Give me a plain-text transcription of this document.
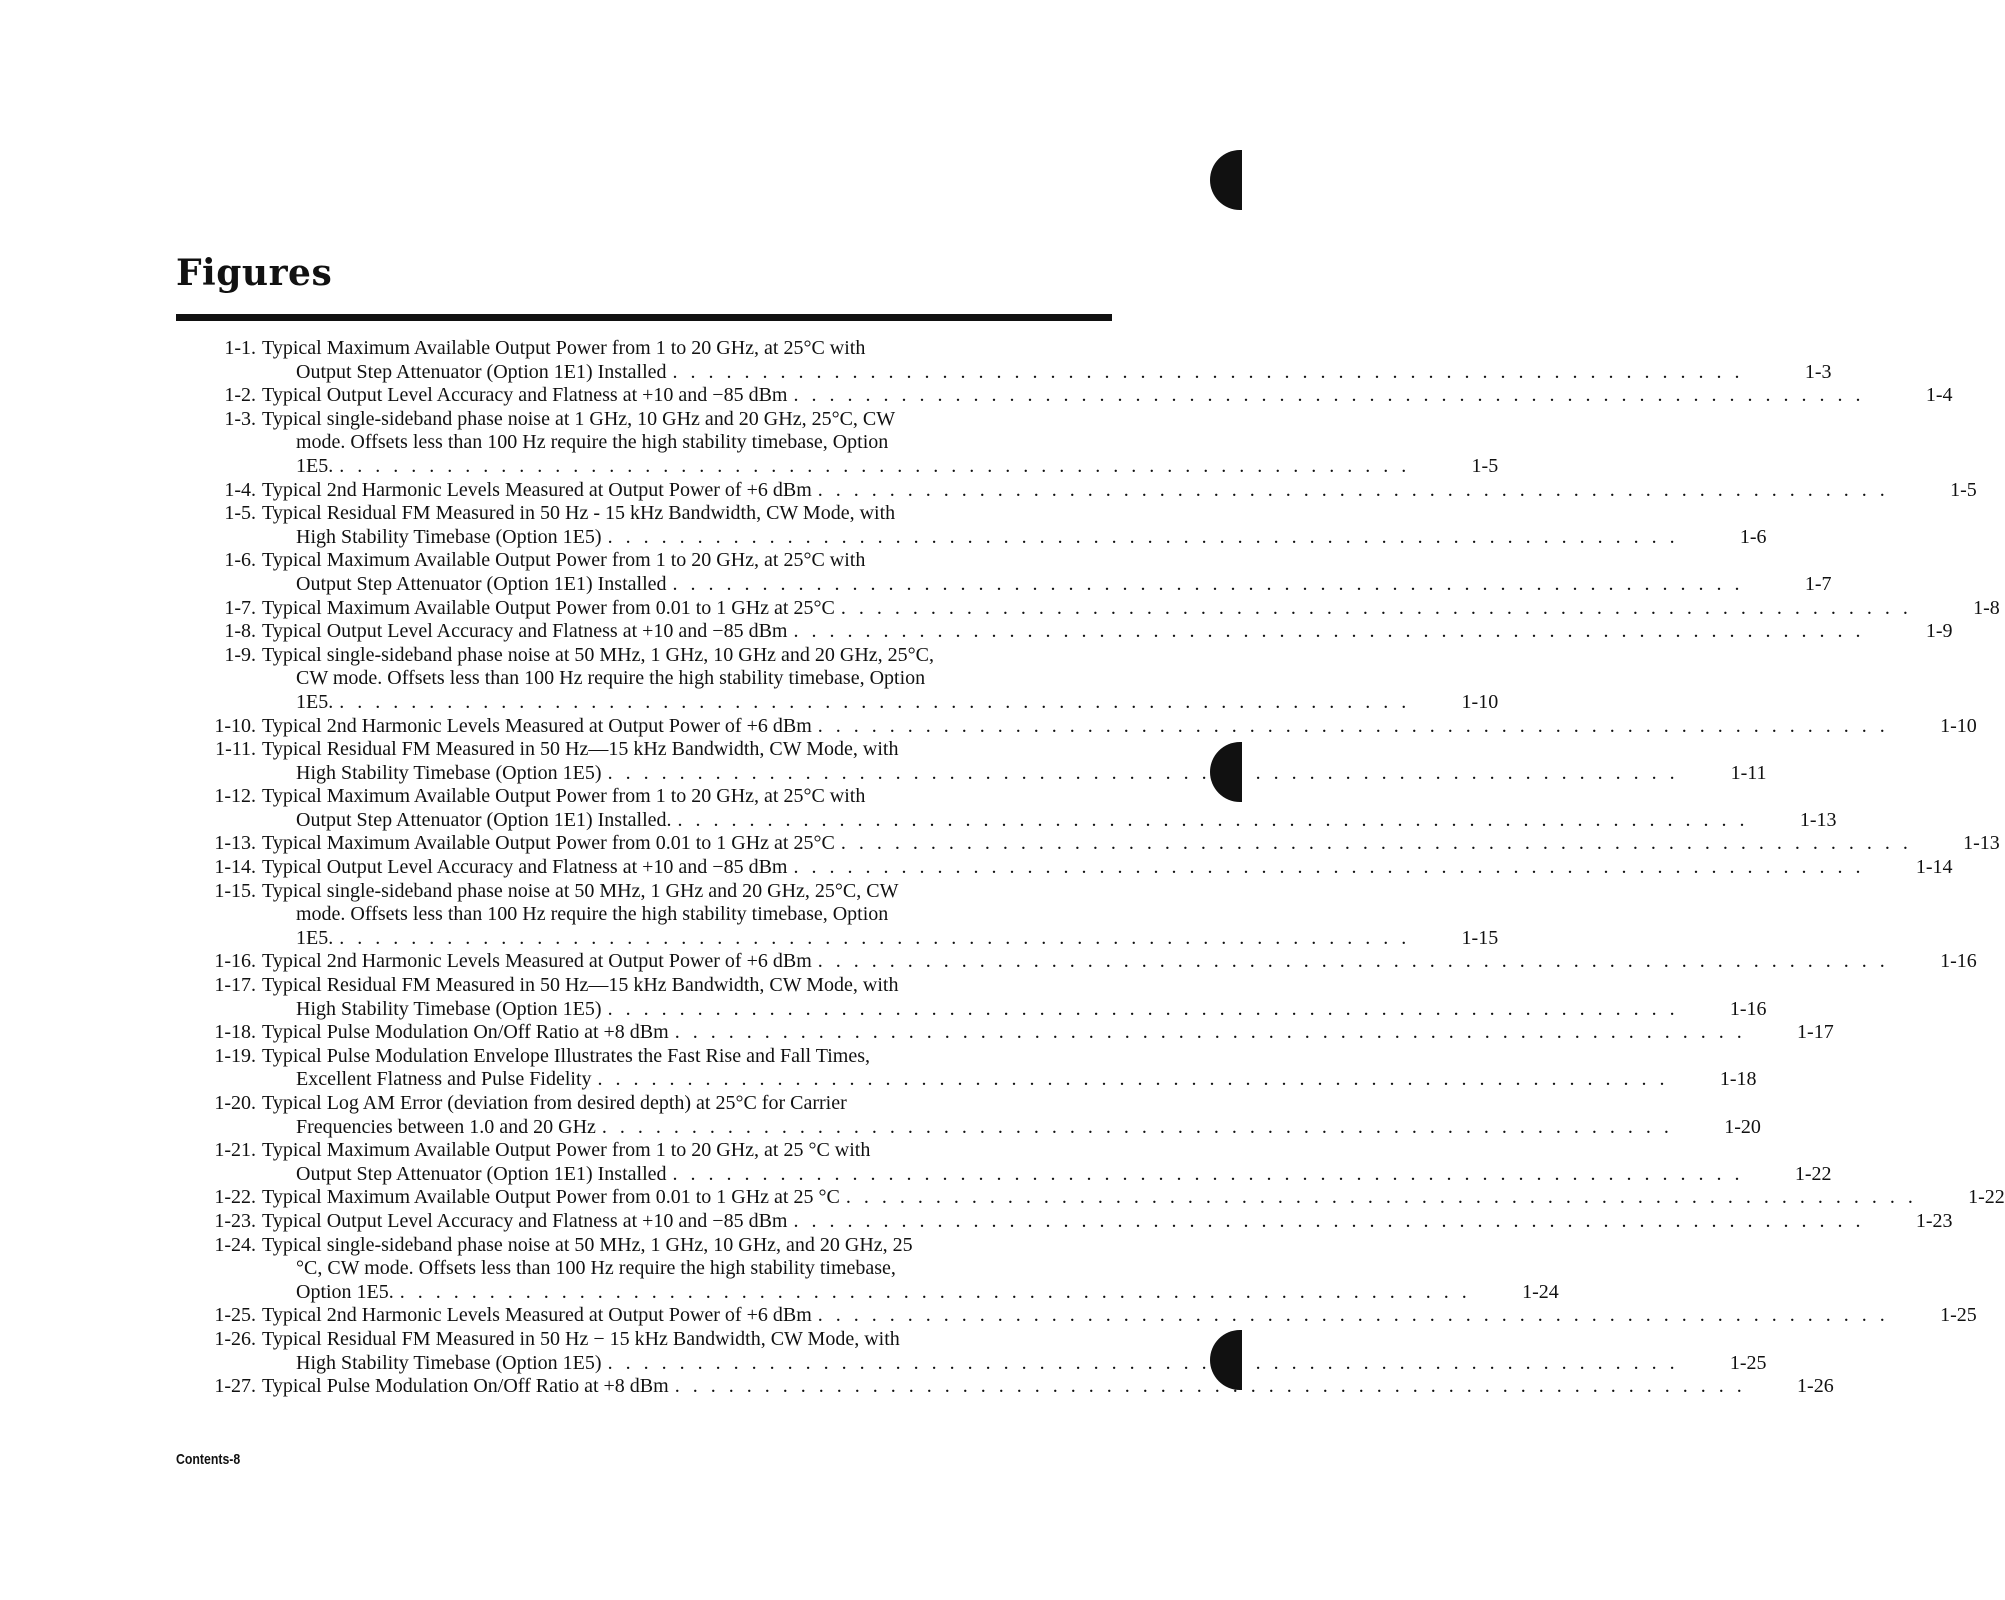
Figures
1-1. Typical Maximum Available Output Power from 1 to 20 GHz, at 25°C with
Output Step Attenuator (Option 1E1) Installed . . .	1-3
1-2. Typical Output Level Accuracy and Flatness at +10 and −85 dBm . . .	1-4
1-3. Typical single-sideband phase noise at 1 GHz, 10 GHz and 20 GHz, 25°C, CW
mode. Offsets less than 100 Hz require the high stability timebase, Option
1E5. . . .	1-5
1-4. Typical 2nd Harmonic Levels Measured at Output Power of +6 dBm . . .	1-5
1-5. Typical Residual FM Measured in 50 Hz - 15 kHz Bandwidth, CW Mode, with
High Stability Timebase (Option 1E5) . . .	1-6
1-6. Typical Maximum Available Output Power from 1 to 20 GHz, at 25°C with
Output Step Attenuator (Option 1E1) Installed . . .	1-7
1-7. Typical Maximum Available Output Power from 0.01 to 1 GHz at 25°C . . .	1-8
1-8. Typical Output Level Accuracy and Flatness at +10 and −85 dBm . . .	1-9
1-9. Typical single-sideband phase noise at 50 MHz, 1 GHz, 10 GHz and 20 GHz, 25°C,
CW mode. Offsets less than 100 Hz require the high stability timebase, Option
1E5. . . .	1-10
1-10. Typical 2nd Harmonic Levels Measured at Output Power of +6 dBm . . .	1-10
1-11. Typical Residual FM Measured in 50 Hz—15 kHz Bandwidth, CW Mode, with
High Stability Timebase (Option 1E5) . . .	1-11
1-12. Typical Maximum Available Output Power from 1 to 20 GHz, at 25°C with
Output Step Attenuator (Option 1E1) Installed. . . .	1-13
1-13. Typical Maximum Available Output Power from 0.01 to 1 GHz at 25°C . . .	1-13
1-14. Typical Output Level Accuracy and Flatness at +10 and −85 dBm . . .	1-14
1-15. Typical single-sideband phase noise at 50 MHz, 1 GHz and 20 GHz, 25°C, CW
mode. Offsets less than 100 Hz require the high stability timebase, Option
1E5. . . .	1-15
1-16. Typical 2nd Harmonic Levels Measured at Output Power of +6 dBm . . .	1-16
1-17. Typical Residual FM Measured in 50 Hz—15 kHz Bandwidth, CW Mode, with
High Stability Timebase (Option 1E5) . . .	1-16
1-18. Typical Pulse Modulation On/Off Ratio at +8 dBm . . .	1-17
1-19. Typical Pulse Modulation Envelope Illustrates the Fast Rise and Fall Times,
Excellent Flatness and Pulse Fidelity . . .	1-18
1-20. Typical Log AM Error (deviation from desired depth) at 25°C for Carrier
Frequencies between 1.0 and 20 GHz . . .	1-20
1-21. Typical Maximum Available Output Power from 1 to 20 GHz, at 25 °C with
Output Step Attenuator (Option 1E1) Installed . . .	1-22
1-22. Typical Maximum Available Output Power from 0.01 to 1 GHz at 25 °C . . .	1-22
1-23. Typical Output Level Accuracy and Flatness at +10 and −85 dBm . . .	1-23
1-24. Typical single-sideband phase noise at 50 MHz, 1 GHz, 10 GHz, and 20 GHz, 25
°C, CW mode. Offsets less than 100 Hz require the high stability timebase,
Option 1E5. . . .	1-24
1-25. Typical 2nd Harmonic Levels Measured at Output Power of +6 dBm . . .	1-25
1-26. Typical Residual FM Measured in 50 Hz − 15 kHz Bandwidth, CW Mode, with
High Stability Timebase (Option 1E5) . . .	1-25
1-27. Typical Pulse Modulation On/Off Ratio at +8 dBm . . .	1-26
Contents-8
